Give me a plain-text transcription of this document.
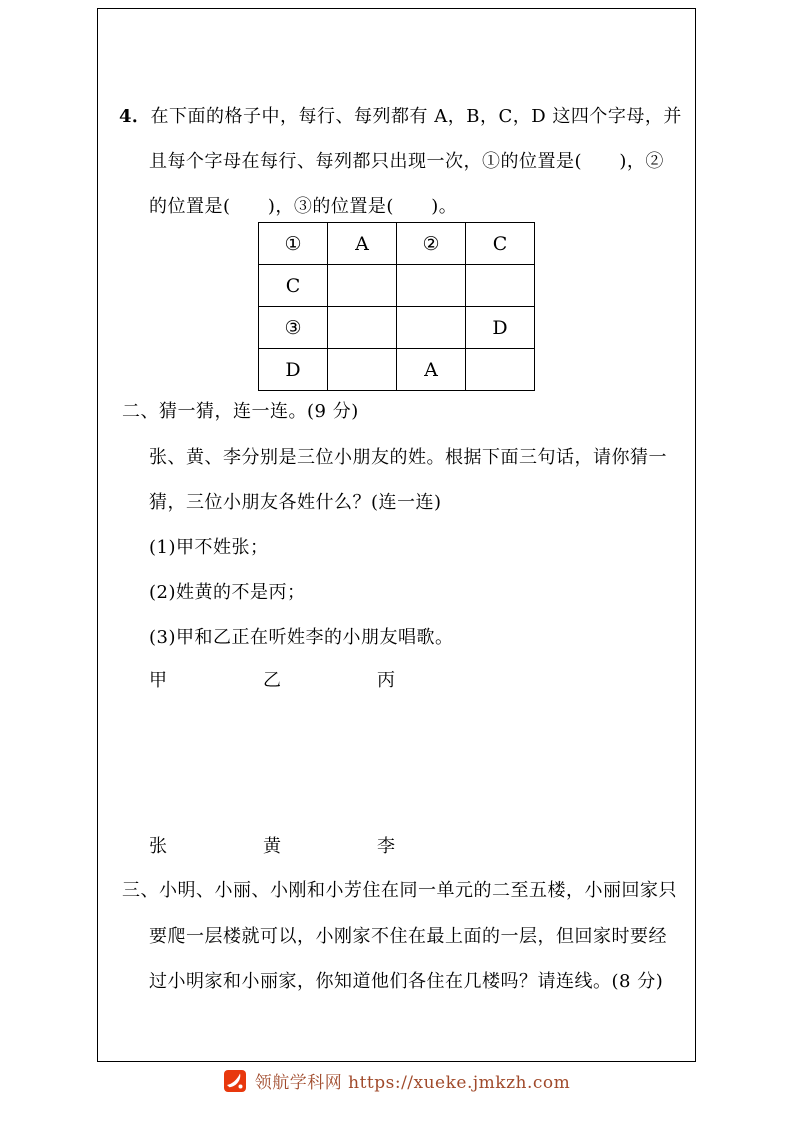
4．在下面的格子中，每行、每列都有 A，B，C，D 这四个字母，并
且每个字母在每行、每列都只出现一次，①的位置是(      )，②
的位置是(      )，③的位置是(      )。
①	A	②	C
C			
③			D
D		A	
二、猜一猜，连一连。(9 分)
张、黄、李分别是三位小朋友的姓。根据下面三句话，请你猜一
猜，三位小朋友各姓什么？(连一连)
(1)甲不姓张；
(2)姓黄的不是丙；
(3)甲和乙正在听姓李的小朋友唱歌。
甲	乙	丙
张	黄	李
三、小明、小丽、小刚和小芳住在同一单元的二至五楼，小丽回家只
要爬一层楼就可以，小刚家不住在最上面的一层，但回家时要经
过小明家和小丽家，你知道他们各住在几楼吗？请连线。(8 分)
领航学科网 https://xueke.jmkzh.com
